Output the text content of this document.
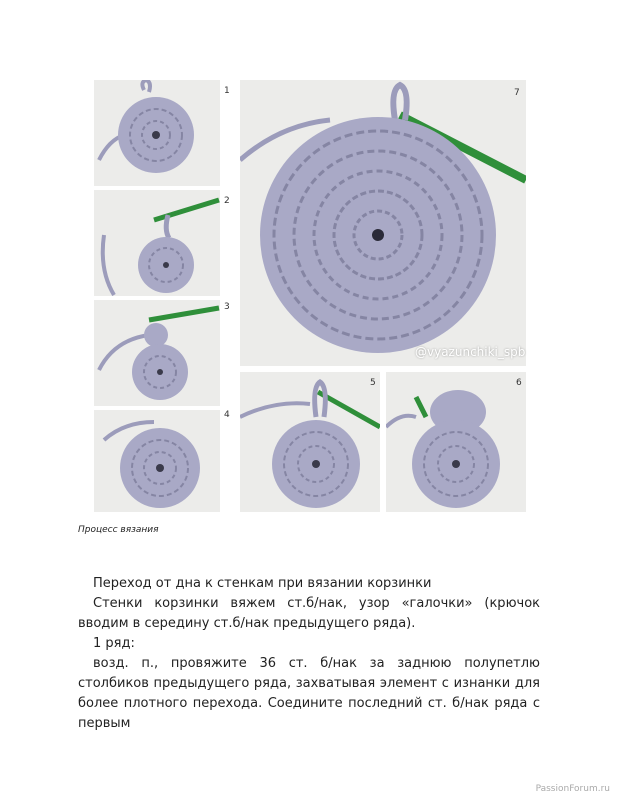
1
2
3
4
7
@vyazunchiki_spb
5	6
Процесс вязания
Переход от дна к стенкам при вязании корзинки
Стенки корзинки вяжем ст.б/нак, узор «галочки» (крючок вводим в середину ст.б/нак предыдущего ряда).
1 ряд:
возд. п., провяжите 36 ст. б/нак за заднюю полупетлю столбиков предыдущего ряда, захватывая элемент с изнанки для более плотного перехода. Соедините последний ст. б/нак ряда с первым
PassionForum.ru
